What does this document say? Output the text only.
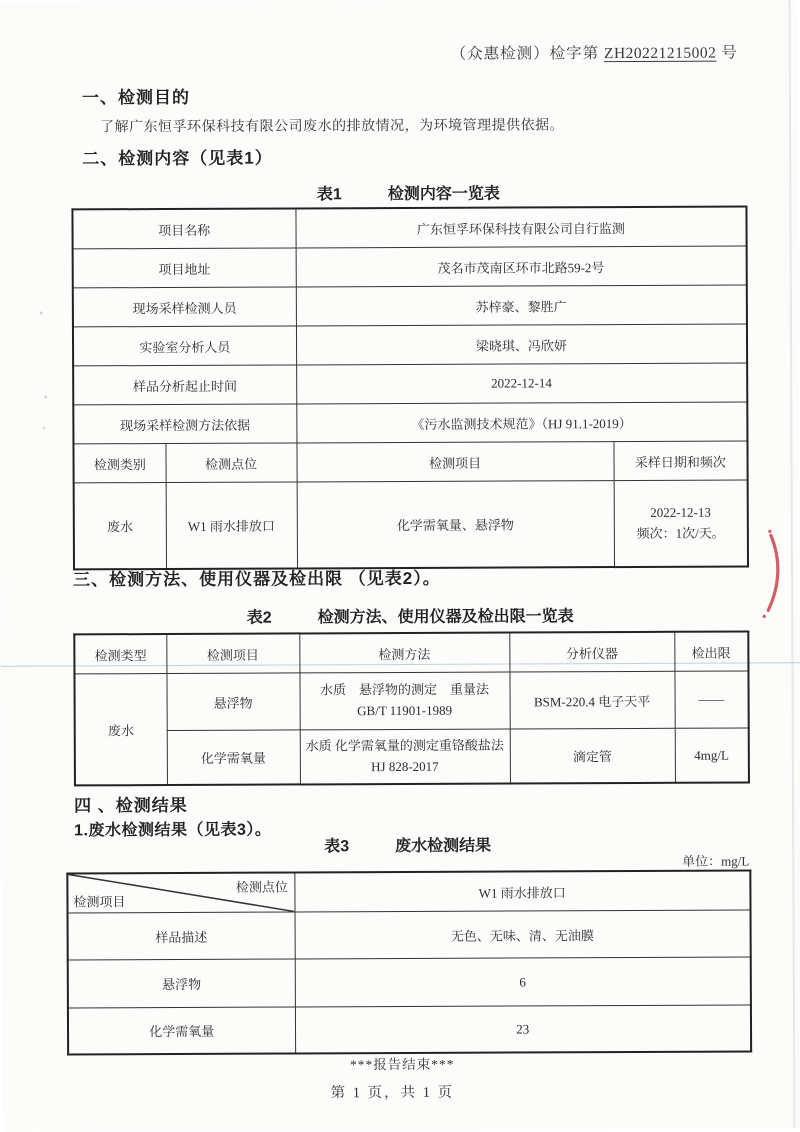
（众惠检测）检字第 ZH20221215002 号
一、检测目的
了解广东恒孚环保科技有限公司废水的排放情况，为环境管理提供依据。
二、检测内容（见表1）
表1	检测内容一览表
项目名称		广东恒孚环保科技有限公司自行监测	
项目地址		茂名市茂南区环市北路59-2号	
现场采样检测人员		苏梓豪、黎胜广	
实验室分析人员		梁晓琪、冯欣妍	
样品分析起止时间		2022-12-14	
现场采样检测方法依据		《污水监测技术规范》（HJ 91.1-2019）	
检测类别	检测点位	检测项目	采样日期和频次
废水	W1 雨水排放口	化学需氧量、悬浮物	2022-12-13
频次：1次/天。
三、检测方法、使用仪器及检出限 （见表2）。
表2	检测方法、使用仪器及检出限一览表
检测类型	检测项目	检测方法	分析仪器	检出限
废水	悬浮物	水质　悬浮物的测定　重量法
GB/T 11901-1989	BSM-220.4 电子天平	——
	化学需氧量	水质 化学需氧量的测定重铬酸盐法
HJ 828-2017	滴定管	4mg/L
四 、检测结果
1.废水检测结果（见表3）。
表3	废水检测结果
单位：mg/L
检测点位
检测项目	W1 雨水排放口
样品描述	无色、无味、清、无油膜
悬浮物	6
化学需氧量	23
***报告结束***
第 1 页，共 1 页
